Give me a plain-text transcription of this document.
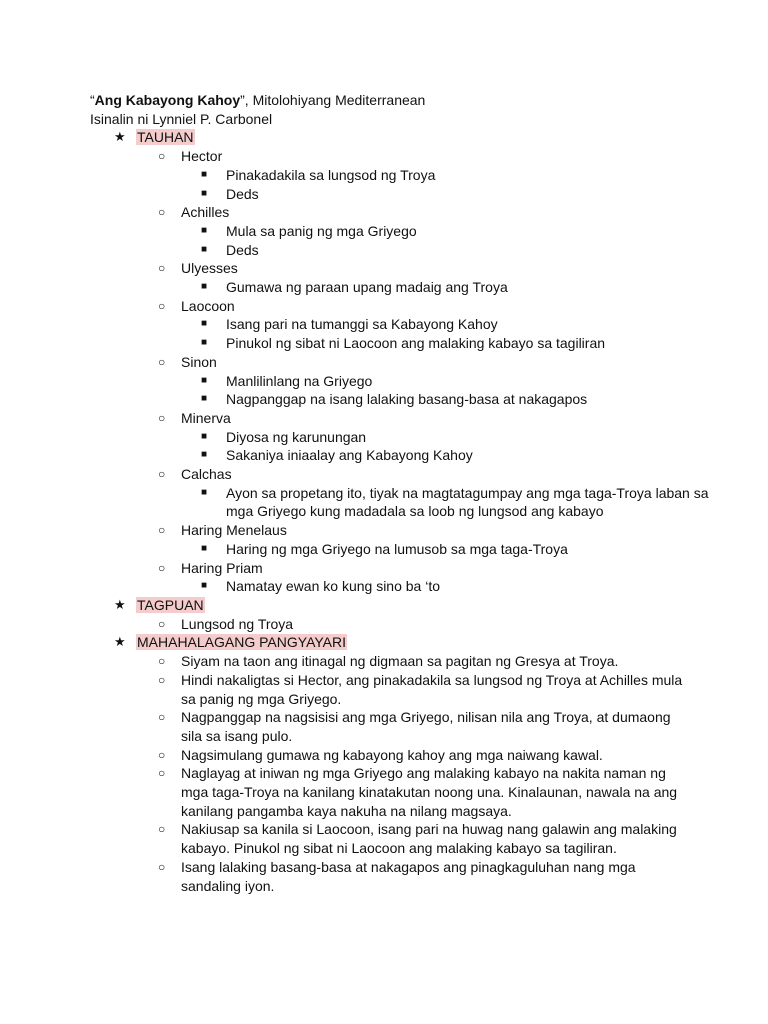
“Ang Kabayong Kahoy”, Mitolohiyang Mediterranean
Isinalin ni Lynniel P. Carbonel
★ TAUHAN
○ Hector
■ Pinakadakila sa lungsod ng Troya
■ Deds
○ Achilles
■ Mula sa panig ng mga Griyego
■ Deds
○ Ulyesses
■ Gumawa ng paraan upang madaig ang Troya
○ Laocoon
■ Isang pari na tumanggi sa Kabayong Kahoy
■ Pinukol ng sibat ni Laocoon ang malaking kabayo sa tagiliran
○ Sinon
■ Manlilinlang na Griyego
■ Nagpanggap na isang lalaking basang-basa at nakagapos
○ Minerva
■ Diyosa ng karunungan
■ Sakaniya iniaalay ang Kabayong Kahoy
○ Calchas
■ Ayon sa propetang ito, tiyak na magtatagumpay ang mga taga-Troya laban sa mga Griyego kung madadala sa loob ng lungsod ang kabayo
○ Haring Menelaus
■ Haring ng mga Griyego na lumusob sa mga taga-Troya
○ Haring Priam
■ Namatay ewan ko kung sino ba ‘to
★ TAGPUAN
○ Lungsod ng Troya
★ MAHAHALAGANG PANGYAYARI
○ Siyam na taon ang itinagal ng digmaan sa pagitan ng Gresya at Troya.
○ Hindi nakaligtas si Hector, ang pinakadakila sa lungsod ng Troya at Achilles mula sa panig ng mga Griyego.
○ Nagpanggap na nagsisisi ang mga Griyego, nilisan nila ang Troya, at dumaong sila sa isang pulo.
○ Nagsimulang gumawa ng kabayong kahoy ang mga naiwang kawal.
○ Naglayag at iniwan ng mga Griyego ang malaking kabayo na nakita naman ng mga taga-Troya na kanilang kinatakutan noong una. Kinalaunan, nawala na ang kanilang pangamba kaya nakuha na nilang magsaya.
○ Nakiusap sa kanila si Laocoon, isang pari na huwag nang galawin ang malaking kabayo. Pinukol ng sibat ni Laocoon ang malaking kabayo sa tagiliran.
○ Isang lalaking basang-basa at nakagapos ang pinagkaguluhan nang mga sandaling iyon.
